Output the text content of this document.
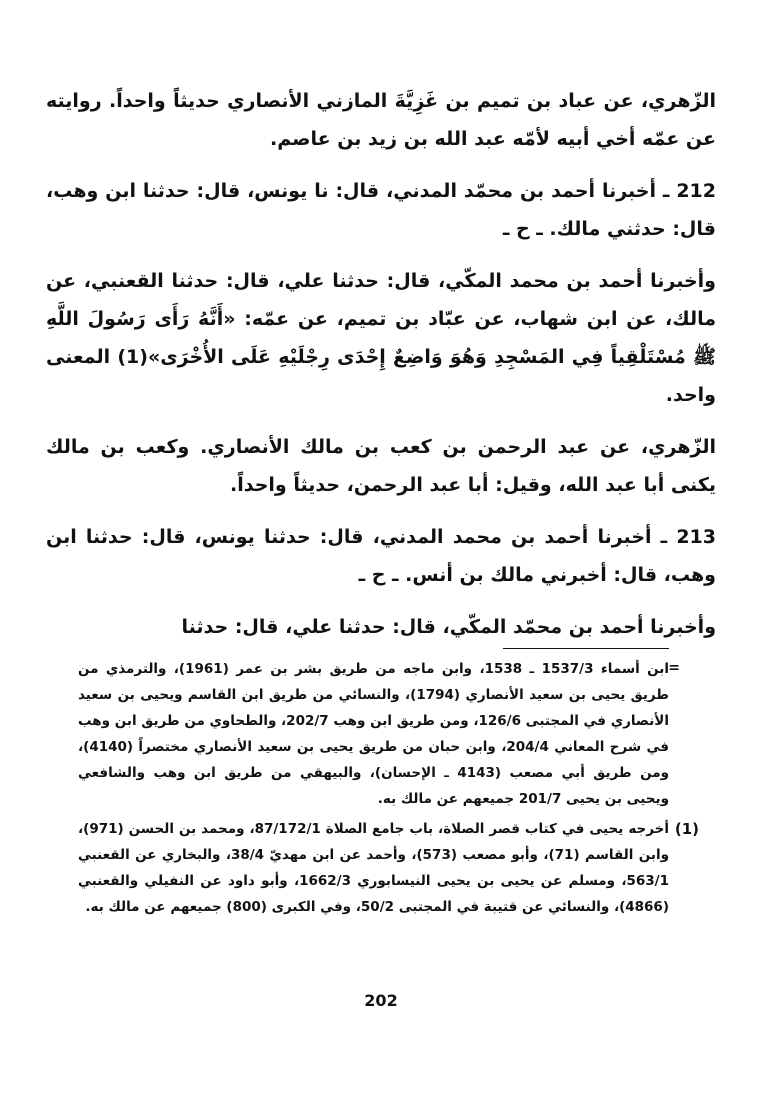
الزّهري، عن عباد بن تميم بن غَزِيَّةَ المازني الأنصاري حديثاً واحداً. روايته عن عمّه أخي أبيه لأمّه عبد الله بن زيد بن عاصم.

212 ـ أخبرنا أحمد بن محمّد المدني، قال: نا يونس، قال: حدثنا ابن وهب، قال: حدثني مالك. ـ ح ـ

وأخبرنا أحمد بن محمد المكّي، قال: حدثنا علي، قال: حدثنا القعنبي، عن مالك، عن ابن شهاب، عن عبّاد بن تميم، عن عمّه: «أَنَّهُ رَأَى رَسُولَ اللَّهِ ﷺ مُسْتَلْقِياً فِي المَسْجِدِ وَهُوَ وَاضِعٌ إِحْدَى رِجْلَيْهِ عَلَى الأُخْرَى»(1) المعنى واحد.

الزّهري، عن عبد الرحمن بن كعب بن مالك الأنصاري. وكعب بن مالك يكنى أبا عبد الله، وقيل: أبا عبد الرحمن، حديثاً واحداً.

213 ـ أخبرنا أحمد بن محمد المدني، قال: حدثنا يونس، قال: حدثنا ابن وهب، قال: أخبرني مالك بن أنس. ـ ح ـ

وأخبرنا أحمد بن محمّد المكّي، قال: حدثنا علي، قال: حدثنا

=

ابن أسماء 1537/3 ـ 1538، وابن ماجه من طريق بشر بن عمر (1961)، والترمذي من طريق يحيى بن سعيد الأنصاري (1794)، والنسائي من طريق ابن القاسم ويحيى بن سعيد الأنصاري في المجتبى 126/6، ومن طريق ابن وهب 202/7، والطحاوي من طريق ابن وهب في شرح المعاني 204/4، وابن حبان من طريق يحيى بن سعيد الأنصاري مختصراً (4140)، ومن طريق أبي مصعب (4143 ـ الإحسان)، والبيهقي من طريق ابن وهب والشافعي ويحيى بن يحيى 201/7 جميعهم عن مالك به.

(1)
أخرجه يحيى في كتاب قصر الصلاة، باب جامع الصلاة 87/172/1، ومحمد بن الحسن (971)، وابن القاسم (71)، وأبو مصعب (573)، وأحمد عن ابن مهديّ 38/4، والبخاري عن القعنبي 563/1، ومسلم عن يحيى بن يحيى النيسابوري 1662/3، وأبو داود عن النفيلي والقعنبي (4866)، والنسائي عن قتيبة في المجتبى 50/2، وفي الكبرى (800) جميعهم عن مالك به.
202
